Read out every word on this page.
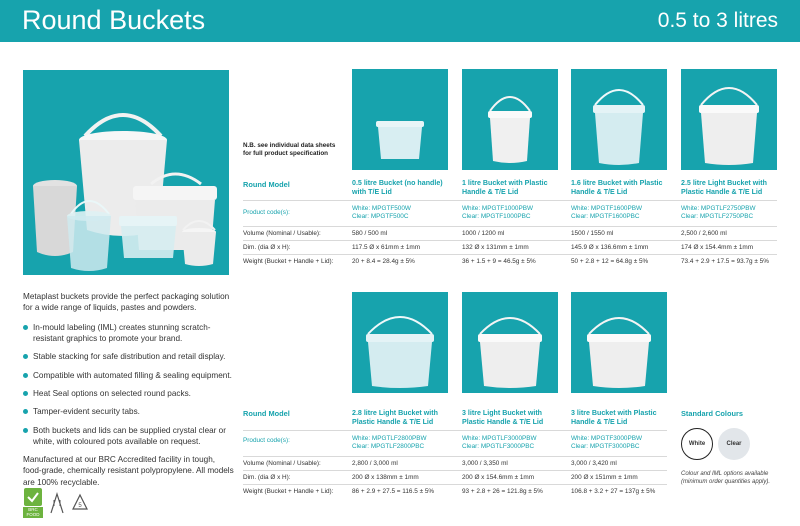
Round Buckets	0.5 to 3 litres
Metaplast buckets provide the perfect packaging solution for a wide range of liquids, pastes and powders.
In-mould labeling (IML) creates stunning scratch-resistant graphics to promote your brand.
Stable stacking for safe distribution and retail display.
Compatible with automated filling & sealing equipment.
Heat Seal options on selected round packs.
Tamper-evident security tabs.
Both buckets and lids can be supplied crystal clear or white, with coloured pots available on request.
Manufactured at our BRC Accredited facility in tough, food-grade, chemically resistant polypropylene. All models are 100% recyclable.
BRC FOOD
5
N.B. see individual data sheets for full product specification
Round Model
Product code(s):
Volume (Nominal / Usable):
Dim. (dia Ø x H):
Weight (Bucket + Handle + Lid):
0.5 litre Bucket (no handle) with T/E Lid
White: MPGTF500W
Clear: MPGTF500C
580 / 500 ml
117.5 Ø x 61mm ± 1mm
20 + 8.4 = 28.4g ± 5%
1 litre Bucket with Plastic Handle & T/E Lid
White: MPGTF1000PBW
Clear: MPGTF1000PBC
1000 / 1200 ml
132 Ø x 131mm ± 1mm
36 + 1.5 + 9 = 46.5g ± 5%
1.6 litre Bucket with Plastic Handle & T/E Lid
White: MPGTF1600PBW
Clear: MPGTF1600PBC
1500 / 1550 ml
145.9 Ø x 136.6mm ± 1mm
50 + 2.8 + 12 = 64.8g ± 5%
2.5 litre Light Bucket with Plastic Handle & T/E Lid
White: MPGTLF2750PBW
Clear: MPGTLF2750PBC
2,500 / 2,600 ml
174 Ø x 154.4mm ± 1mm
73.4 + 2.9 + 17.5 = 93.7g ± 5%
Round Model
Product code(s):
Volume (Nominal / Usable):
Dim. (dia Ø x H):
Weight (Bucket + Handle + Lid):
2.8 litre Light Bucket with Plastic Handle & T/E Lid
White: MPGTLF2800PBW
Clear: MPGTLF2800PBC
2,800 / 3,000 ml
200 Ø x 138mm ± 1mm
86 + 2.9 + 27.5 = 116.5 ± 5%
3 litre Light Bucket with Plastic Handle & T/E Lid
White: MPGTLF3000PBW
Clear: MPGTLF3000PBC
3,000 / 3,350 ml
200 Ø x 154.6mm ± 1mm
93 + 2.8 + 26 = 121.8g ± 5%
3 litre Bucket with Plastic Handle & T/E Lid
White: MPGTF3000PBW
Clear: MPGTF3000PBC
3,000 / 3,420 ml
200 Ø x 151mm ± 1mm
106.8 + 3.2 + 27 = 137g ± 5%
Standard Colours
White	Clear
Colour and IML options available (minimum order quantities apply).
